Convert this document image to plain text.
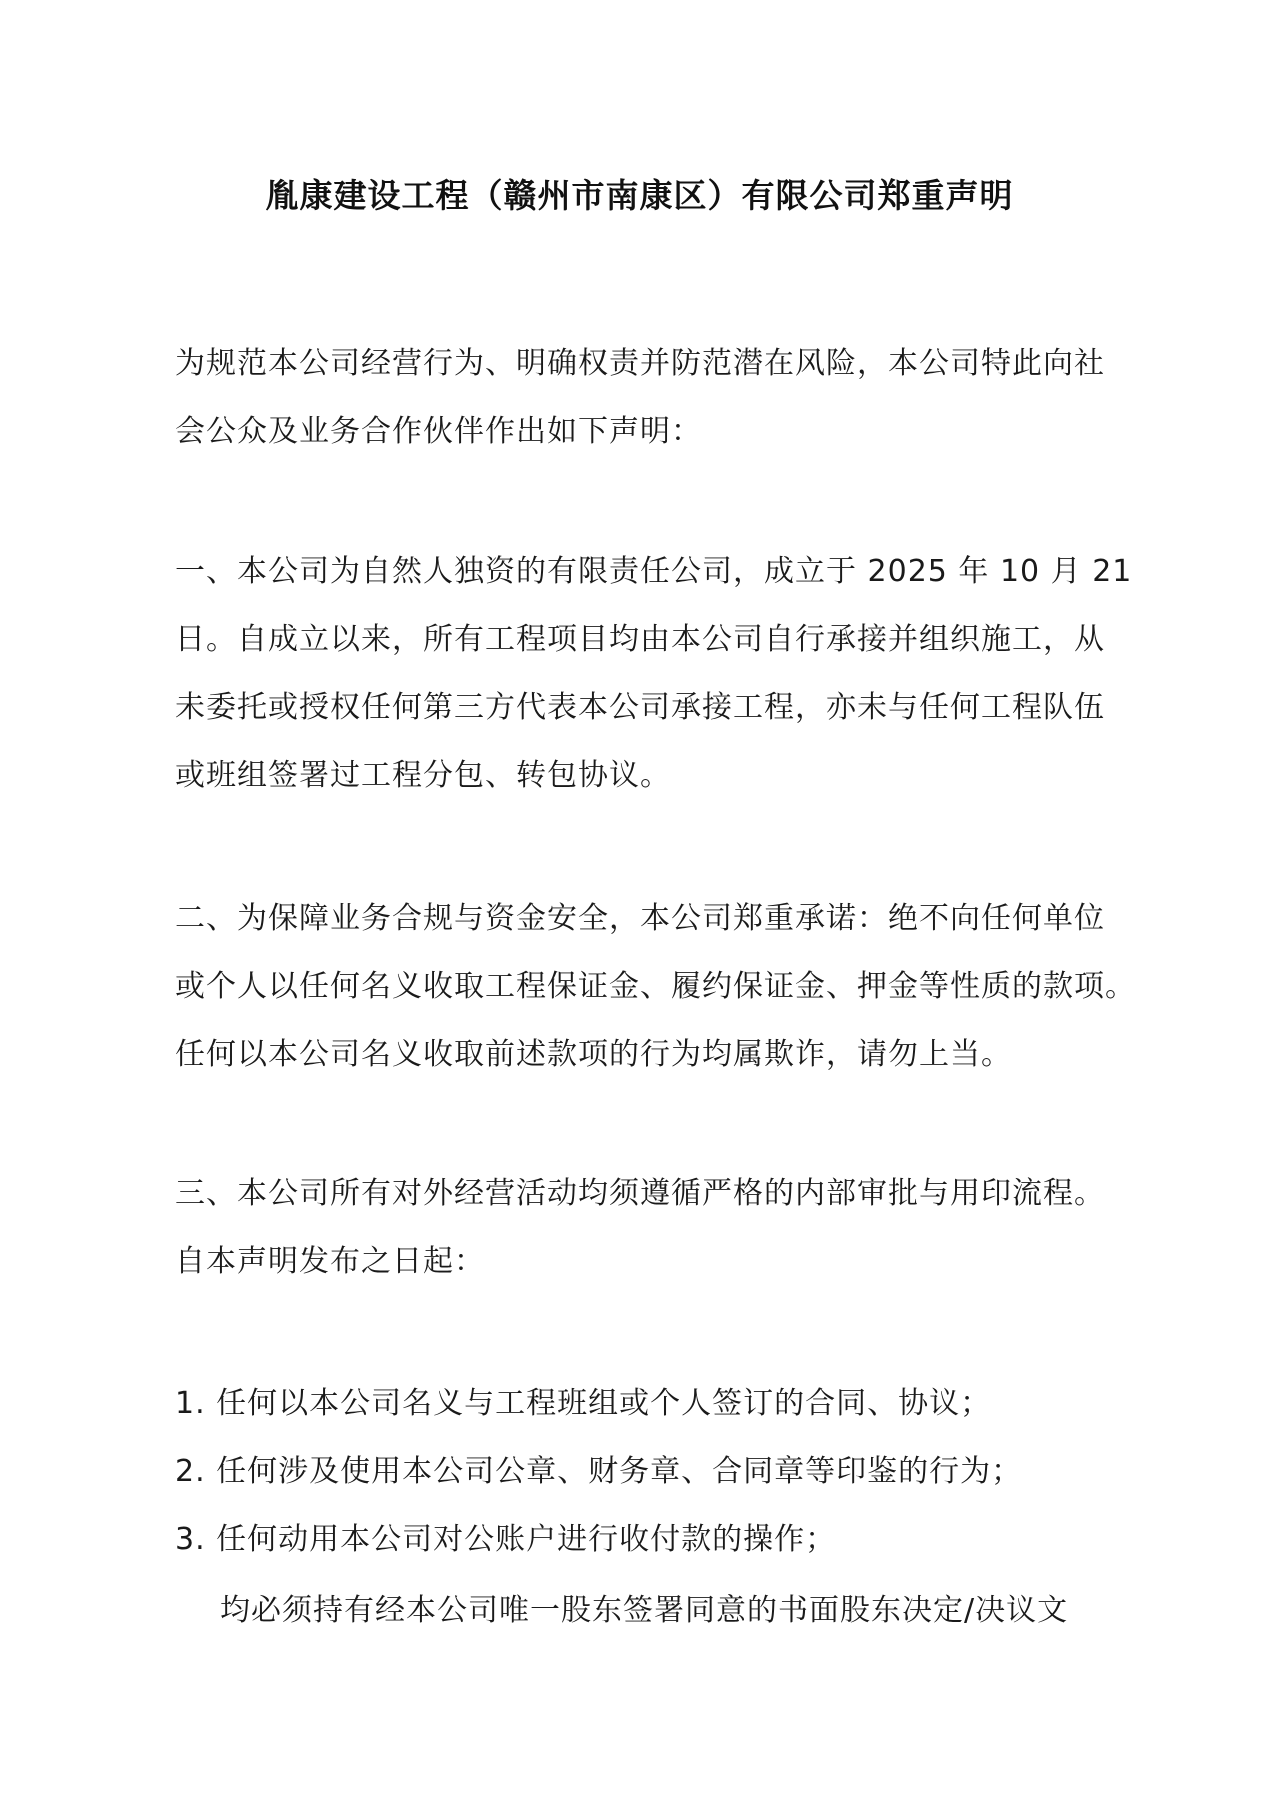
胤康建设工程（赣州市南康区）有限公司郑重声明
为规范本公司经营行为、明确权责并防范潜在风险，本公司特此向社
会公众及业务合作伙伴作出如下声明：
一、本公司为自然人独资的有限责任公司，成立于 2025 年 10 月 21
日。自成立以来，所有工程项目均由本公司自行承接并组织施工，从
未委托或授权任何第三方代表本公司承接工程，亦未与任何工程队伍
或班组签署过工程分包、转包协议。
二、为保障业务合规与资金安全，本公司郑重承诺：绝不向任何单位
或个人以任何名义收取工程保证金、履约保证金、押金等性质的款项。
任何以本公司名义收取前述款项的行为均属欺诈，请勿上当。
三、本公司所有对外经营活动均须遵循严格的内部审批与用印流程。
自本声明发布之日起：
1. 任何以本公司名义与工程班组或个人签订的合同、协议；
2. 任何涉及使用本公司公章、财务章、合同章等印鉴的行为；
3. 任何动用本公司对公账户进行收付款的操作；
均必须持有经本公司唯一股东签署同意的书面股东决定/决议文
